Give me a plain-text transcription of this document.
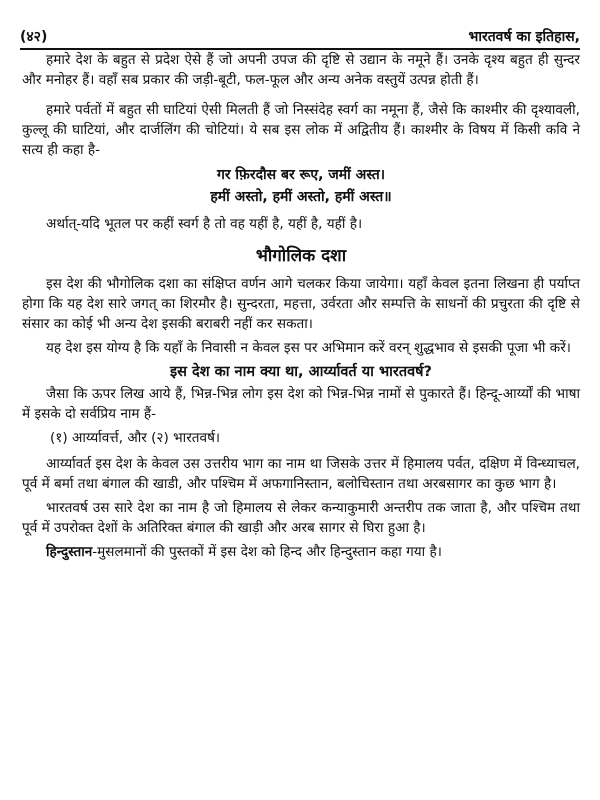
(४२)	भारतवर्ष का इतिहास,

हमारे देश के बहुत से प्रदेश ऐसे हैं जो अपनी उपज की दृष्टि से उद्यान के नमूने हैं। उनके दृश्य बहुत ही सुन्दर और मनोहर हैं। वहाँ सब प्रकार की जड़ी-बूटी, फल-फूल और अन्य अनेक वस्तुयें उत्पन्न होती हैं।

हमारे पर्वतों में बहुत सी घाटियां ऐसी मिलती हैं जो निस्संदेह स्वर्ग का नमूना हैं, जैसे कि काश्मीर की दृश्यावली, कुल्लू की घाटियां, और दार्जलिंग की चोटियां। ये सब इस लोक में अद्वितीय हैं। काश्मीर के विषय में किसी कवि ने सत्य ही कहा है-

गर फ़िरदौस बर रूए, जमीं अस्त।
हमीं अस्तो, हमीं अस्तो, हमीं अस्त॥

अर्थात्-यदि भूतल पर कहीं स्वर्ग है तो वह यहीं है, यहीं है, यहीं है।

भौगोलिक दशा

इस देश की भौगोलिक दशा का संक्षिप्त वर्णन आगे चलकर किया जायेगा। यहाँ केवल इतना लिखना ही पर्याप्त होगा कि यह देश सारे जगत् का शिरमौर है। सुन्दरता, महत्ता, उर्वरता और सम्पत्ति के साधनों की प्रचुरता की दृष्टि से संसार का कोई भी अन्य देश इसकी बराबरी नहीं कर सकता।

यह देश इस योग्य है कि यहाँ के निवासी न केवल इस पर अभिमान करें वरन् शुद्धभाव से इसकी पूजा भी करें।

इस देश का नाम क्या था, आर्य्यावर्त या भारतवर्ष?

जैसा कि ऊपर लिख आये हैं, भिन्न-भिन्न लोग इस देश को भिन्न-भिन्न नामों से पुकारते हैं। हिन्दू-आर्य्यों की भाषा में इसके दो सर्वप्रिय नाम हैं-

(१) आर्य्यावर्त्त, और (२) भारतवर्ष।

आर्य्यावर्त इस देश के केवल उस उत्तरीय भाग का नाम था जिसके उत्तर में हिमालय पर्वत, दक्षिण में विन्ध्याचल, पूर्व में बर्मा तथा बंगाल की खाडी, और पश्चिम में अफगानिस्तान, बलोचिस्तान तथा अरबसागर का कुछ भाग है।

भारतवर्ष उस सारे देश का नाम है जो हिमालय से लेकर कन्याकुमारी अन्तरीप तक जाता है, और पश्चिम तथा पूर्व में उपरोक्त देशों के अतिरिक्त बंगाल की खाड़ी और अरब सागर से घिरा हुआ है।

हिन्दुस्तान-मुसलमानों की पुस्तकों में इस देश को हिन्द और हिन्दुस्तान कहा गया है।
